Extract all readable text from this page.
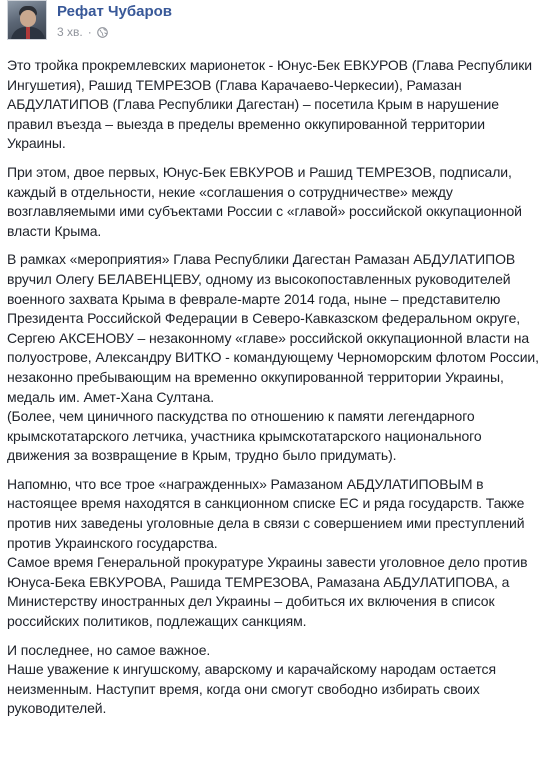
Рефат Чубаров
3 хв. ·

Это тройка прокремлевских марионеток - Юнус-Бек ЕВКУРОВ (Глава Республики Ингушетия), Рашид ТЕМРЕЗОВ (Глава Карачаево-Черкесии), Рамазан АБДУЛАТИПОВ (Глава Республики Дагестан) – посетила Крым в нарушение правил въезда – выезда в пределы временно оккупированной территории Украины.

При этом, двое первых, Юнус-Бек ЕВКУРОВ и Рашид ТЕМРЕЗОВ, подписали, каждый в отдельности, некие «соглашения о сотрудничестве» между возглавляемыми ими субъектами России с «главой» российской оккупационной власти Крыма.

В рамках «мероприятия» Глава Республики Дагестан Рамазан АБДУЛАТИПОВ вручил Олегу БЕЛАВЕНЦЕВУ, одному из высокопоставленных руководителей военного захвата Крыма в феврале-марте 2014 года, ныне – представителю Президента Российской Федерации в Северо-Кавказском федеральном округе, Сергею АКСЕНОВУ – незаконному «главе» российской оккупационной власти на полуострове, Александру ВИТКО - командующему Черноморским флотом России, незаконно пребывающим на временно оккупированной территории Украины, медаль им. Амет-Хана Султана.
(Более, чем циничного паскудства по отношению к памяти легендарного крымскотатарского летчика, участника крымскотатарского национального движения за возвращение в Крым, трудно было придумать).

Напомню, что все трое «награжденных» Рамазаном АБДУЛАТИПОВЫМ в настоящее время находятся в санкционном списке ЕС и ряда государств. Также против них заведены уголовные дела в связи с совершением ими преступлений против Украинского государства.
Самое время Генеральной прокуратуре Украины завести уголовное дело против Юнуса-Бека ЕВКУРОВА, Рашида ТЕМРЕЗОВА, Рамазана АБДУЛАТИПОВА, а Министерству иностранных дел Украины – добиться их включения в список российских политиков, подлежащих санкциям.

И последнее, но самое важное.
Наше уважение к ингушскому, аварскому и карачайскому народам остается неизменным. Наступит время, когда они смогут свободно избирать своих руководителей.
